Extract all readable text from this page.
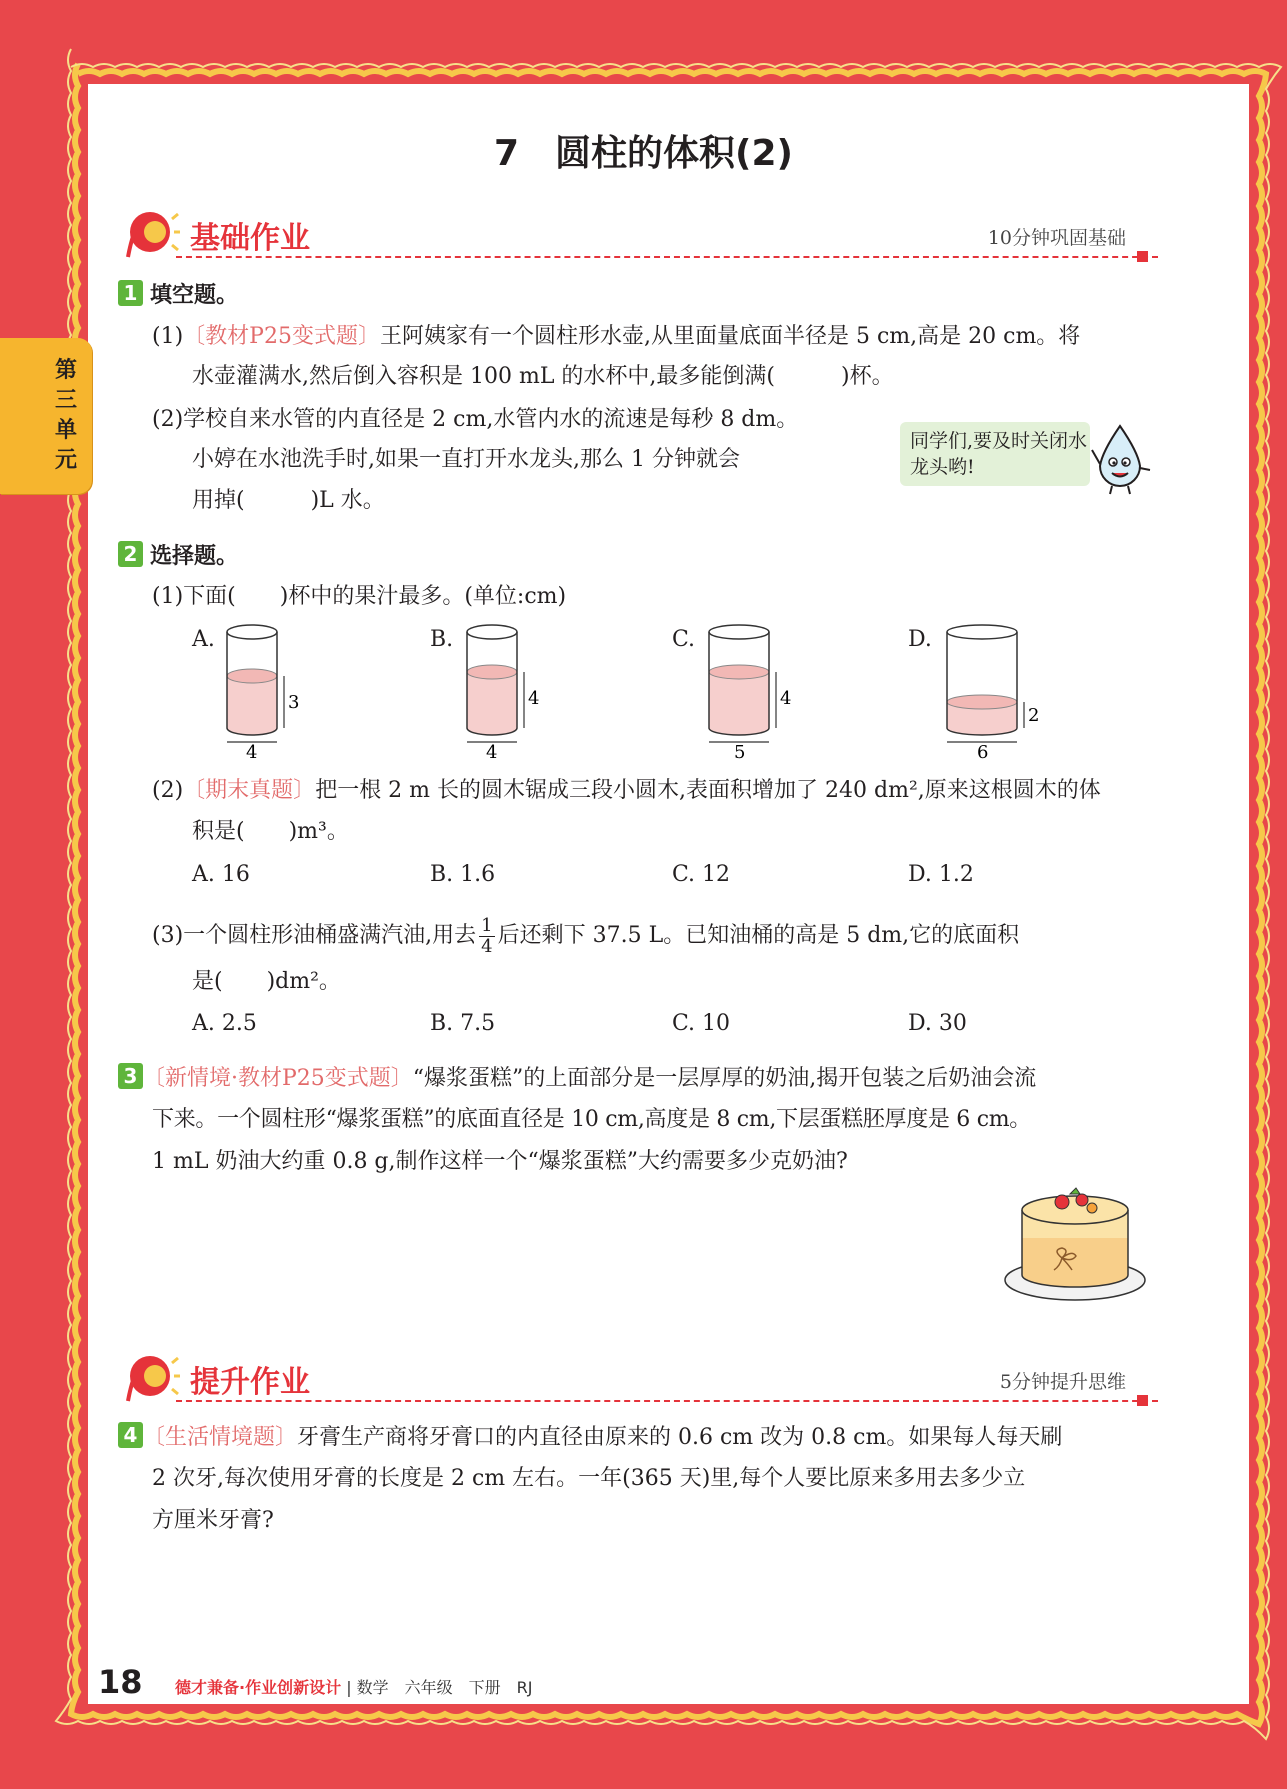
第三单元
7　圆柱的体积(2)
基础作业	10分钟巩固基础
1 填空题。
(1)〔教材P25变式题〕王阿姨家有一个圆柱形水壶,从里面量底面半径是 5 cm,高是 20 cm。将
水壶灌满水,然后倒入容积是 100 mL 的水杯中,最多能倒满(　　　)杯。
(2)学校自来水管的内直径是 2 cm,水管内水的流速是每秒 8 dm。
小婷在水池洗手时,如果一直打开水龙头,那么 1 分钟就会
用掉(　　　)L 水。
同学们,要及时关闭水龙头哟!
2 选择题。
(1)下面(　　)杯中的果汁最多。(单位:cm)
A.	B.	C.	D.
3
4
4
4
4
5
2
6
(2)〔期末真题〕把一根 2 m 长的圆木锯成三段小圆木,表面积增加了 240 dm²,原来这根圆木的体
积是(　　)m³。
A. 16	B. 1.6	C. 12	D. 1.2
(3)一个圆柱形油桶盛满汽油,用去 $\frac{1}{4}$ 后还剩下 37.5 L。已知油桶的高是 5 dm,它的底面积
是(　　)dm²。
A. 2.5	B. 7.5	C. 10	D. 30
3 〔新情境·教材P25变式题〕“爆浆蛋糕”的上面部分是一层厚厚的奶油,揭开包装之后奶油会流
下来。一个圆柱形“爆浆蛋糕”的底面直径是 10 cm,高度是 8 cm,下层蛋糕胚厚度是 6 cm。
1 mL 奶油大约重 0.8 g,制作这样一个“爆浆蛋糕”大约需要多少克奶油?
提升作业	5分钟提升思维
4 〔生活情境题〕牙膏生产商将牙膏口的内直径由原来的 0.6 cm 改为 0.8 cm。如果每人每天刷
2 次牙,每次使用牙膏的长度是 2 cm 左右。一年(365 天)里,每个人要比原来多用去多少立
方厘米牙膏?
18 德才兼备·作业创新设计 | 数学　六年级　下册　RJ
